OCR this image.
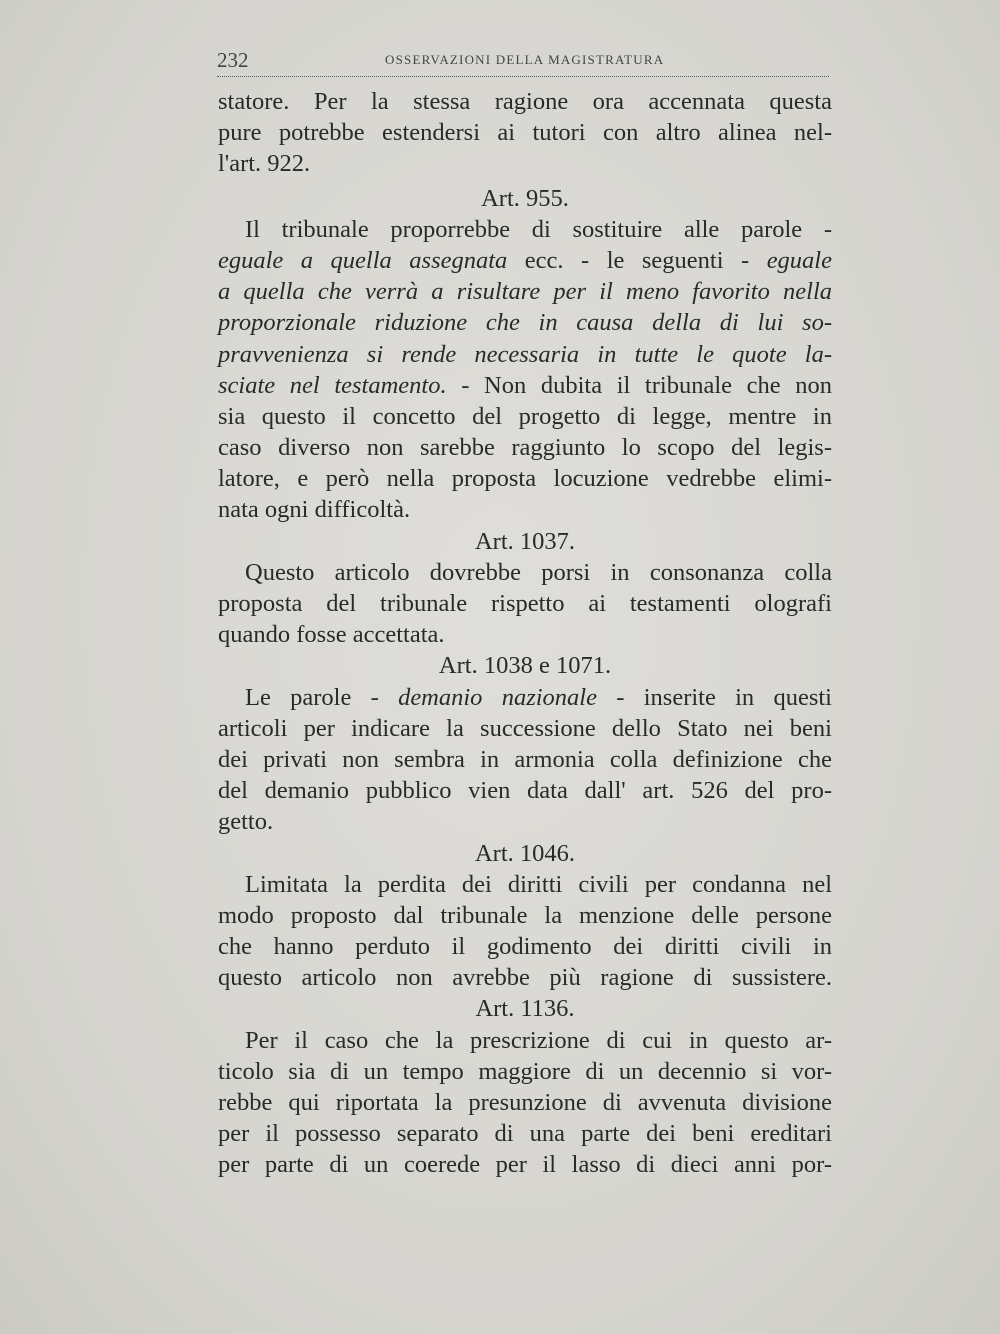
232	OSSERVAZIONI DELLA MAGISTRATURA
statore. Per la stessa ragione ora accennata questa
pure potrebbe estendersi ai tutori con altro alinea nel-
l'art. 922.
Art. 955.
Il tribunale proporrebbe di sostituire alle parole -
eguale a quella assegnata ecc. - le seguenti - eguale
a quella che verrà a risultare per il meno favorito nella
proporzionale riduzione che in causa della di lui so-
pravvenienza si rende necessaria in tutte le quote la-
sciate nel testamento. - Non dubita il tribunale che non
sia questo il concetto del progetto di legge, mentre in
caso diverso non sarebbe raggiunto lo scopo del legis-
latore, e però nella proposta locuzione vedrebbe elimi-
nata ogni difficoltà.
Art. 1037.
Questo articolo dovrebbe porsi in consonanza colla
proposta del tribunale rispetto ai testamenti olografi
quando fosse accettata.
Art. 1038 e 1071.
Le parole - demanio nazionale - inserite in questi
articoli per indicare la successione dello Stato nei beni
dei privati non sembra in armonia colla definizione che
del demanio pubblico vien data dall' art. 526 del pro-
getto.
Art. 1046.
Limitata la perdita dei diritti civili per condanna nel
modo proposto dal tribunale la menzione delle persone
che hanno perduto il godimento dei diritti civili in
questo articolo non avrebbe più ragione di sussistere.
Art. 1136.
Per il caso che la prescrizione di cui in questo ar-
ticolo sia di un tempo maggiore di un decennio si vor-
rebbe qui riportata la presunzione di avvenuta divisione
per il possesso separato di una parte dei beni ereditari
per parte di un coerede per il lasso di dieci anni por-
